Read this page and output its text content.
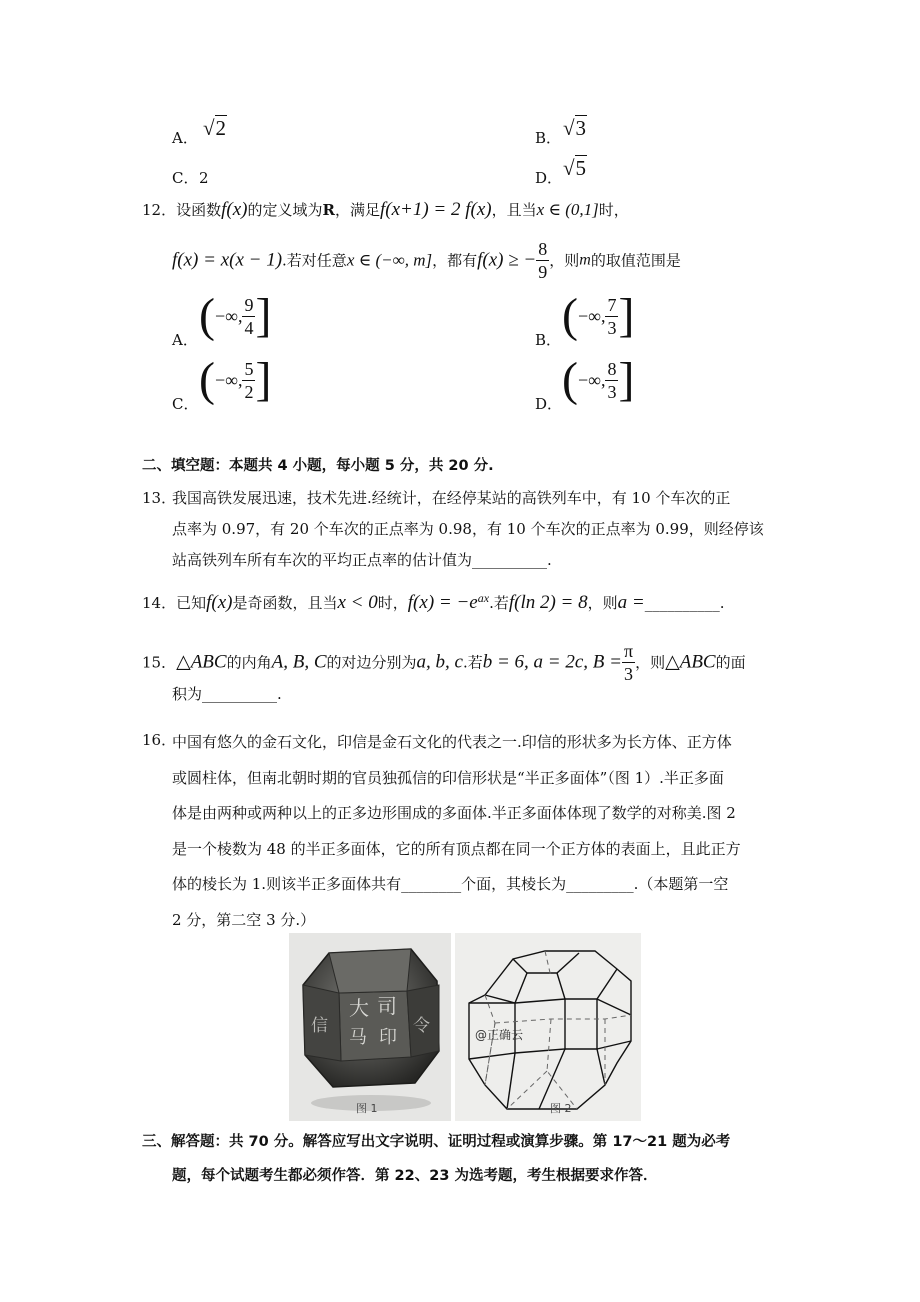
A． √2	B． √3
C． 2	D． √5
12．设函数f(x)的定义域为R，满足f(x+1) = 2 f(x)，且当x ∈ (0,1]时，
f(x) = x(x − 1).若对任意x ∈ (−∞, m]，都有f(x) ≥ − $\frac{8}{9}$ ，则m的取值范围是
A． (−∞, $\frac{9}{4}$ ]	B． (−∞, $\frac{7}{3}$ ]
C． (−∞, $\frac{5}{2}$ ]	D． (−∞, $\frac{8}{3}$ ]
二、填空题：本题共 4 小题，每小题 5 分，共 20 分.
13．
我国高铁发展迅速，技术先进.经统计，在经停某站的高铁列车中，有 10 个车次的正
点率为 0.97，有 20 个车次的正点率为 0.98，有 10 个车次的正点率为 0.99，则经停该
站高铁列车所有车次的平均正点率的估计值为__________.
14．已知f(x)是奇函数，且当x < 0时，$f(x) = -e^{ax}$.若f(ln 2) = 8，则a =__________.
15．△ABC的内角A, B, C的对边分别为a, b, c.若b = 6, a = 2c, $B = \frac{\pi}{3}$ ，则△ABC的面
积为__________.
16．
中国有悠久的金石文化，印信是金石文化的代表之一.印信的形状多为长方体、正方体
或圆柱体，但南北朝时期的官员独孤信的印信形状是“半正多面体”（图 1）.半正多面
体是由两种或两种以上的正多边形围成的多面体.半正多面体体现了数学的对称美.图 2
是一个棱数为 48 的半正多面体，它的所有顶点都在同一个正方体的表面上，且此正方
体的棱长为 1.则该半正多面体共有________个面，其棱长为_________.（本题第一空
2 分，第二空 3 分.）
大 司
马 印
信	令	@正确云
图 1	图 2
三、解答题：共 70 分。解答应写出文字说明、证明过程或演算步骤。第 17～21 题为必考
题，每个试题考生都必须作答．第 22、23 为选考题，考生根据要求作答．
